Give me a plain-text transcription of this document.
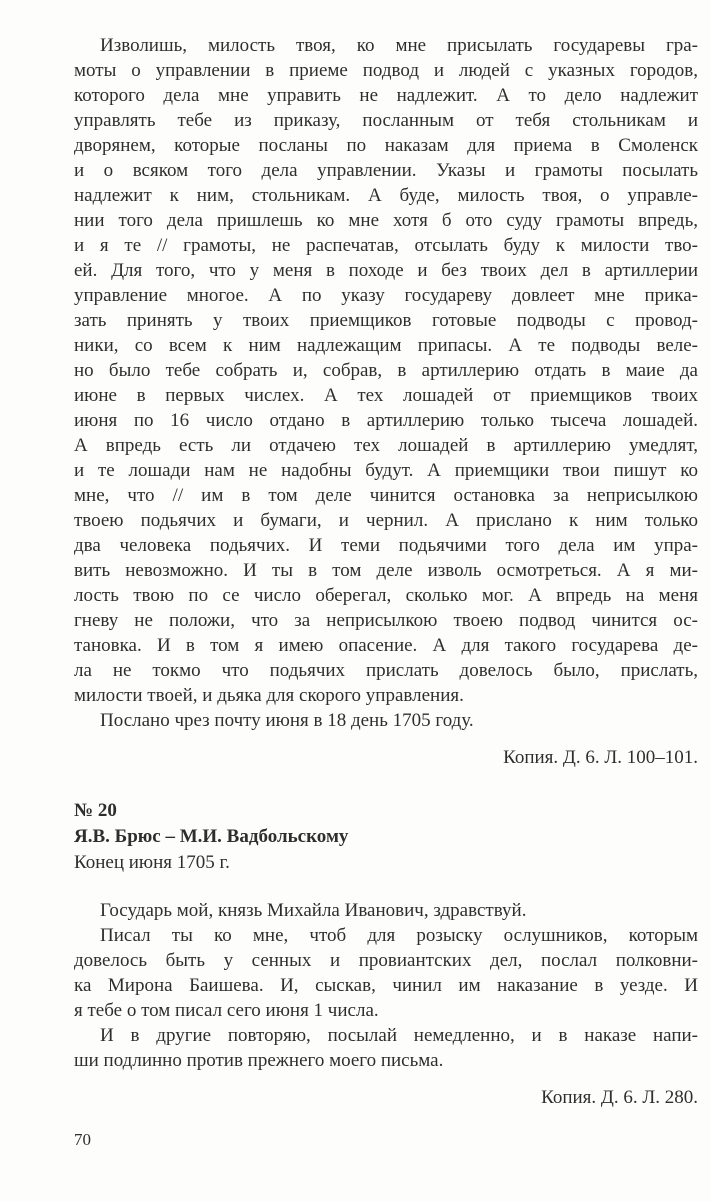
Изволишь, милость твоя, ко мне присылать государевы гра-
моты о управлении в приеме подвод и людей с указных городов,
которого дела мне управить не надлежит. А то дело надлежит
управлять тебе из приказу, посланным от тебя стольникам и
дворянем, которые посланы по наказам для приема в Смоленск
и о всяком того дела управлении. Указы и грамоты посылать
надлежит к ним, стольникам. А буде, милость твоя, о управле-
нии того дела пришлешь ко мне хотя б ото суду грамоты впредь,
и я те // грамоты, не распечатав, отсылать буду к милости тво-
ей. Для того, что у меня в походе и без твоих дел в артиллерии
управление многое. А по указу государеву довлеет мне прика-
зать принять у твоих приемщиков готовые подводы с провод-
ники, со всем к ним надлежащим припасы. А те подводы веле-
но было тебе собрать и, собрав, в артиллерию отдать в маие да
июне в первых числех. А тех лошадей от приемщиков твоих
июня по 16 число отдано в артиллерию только тысеча лошадей.
А впредь есть ли отдачею тех лошадей в артиллерию умедлят,
и те лошади нам не надобны будут. А приемщики твои пишут ко
мне, что // им в том деле чинится остановка за неприсылкою
твоею подьячих и бумаги, и чернил. А прислано к ним только
два человека подьячих. И теми подьячими того дела им упра-
вить невозможно. И ты в том деле изволь осмотреться. А я ми-
лость твою по се число оберегал, сколько мог. А впредь на меня
гневу не положи, что за неприсылкою твоею подвод чинится ос-
тановка. И в том я имею опасение. А для такого государева де-
ла не токмо что подьячих прислать довелось было, прислать,
милости твоей, и дьяка для скорого управления.
Послано чрез почту июня в 18 день 1705 году.
Копия. Д. 6. Л. 100–101.
№ 20
Я.В. Брюс – М.И. Вадбольскому
Конец июня 1705 г.
Государь мой, князь Михайла Иванович, здравствуй.
Писал ты ко мне, чтоб для розыску ослушников, которым
довелось быть у сенных и провиантских дел, послал полковни-
ка Мирона Баишева. И, сыскав, чинил им наказание в уезде. И
я тебе о том писал сего июня 1 числа.
И в другие повторяю, посылай немедленно, и в наказе напи-
ши подлинно против прежнего моего письма.
Копия. Д. 6. Л. 280.
70
